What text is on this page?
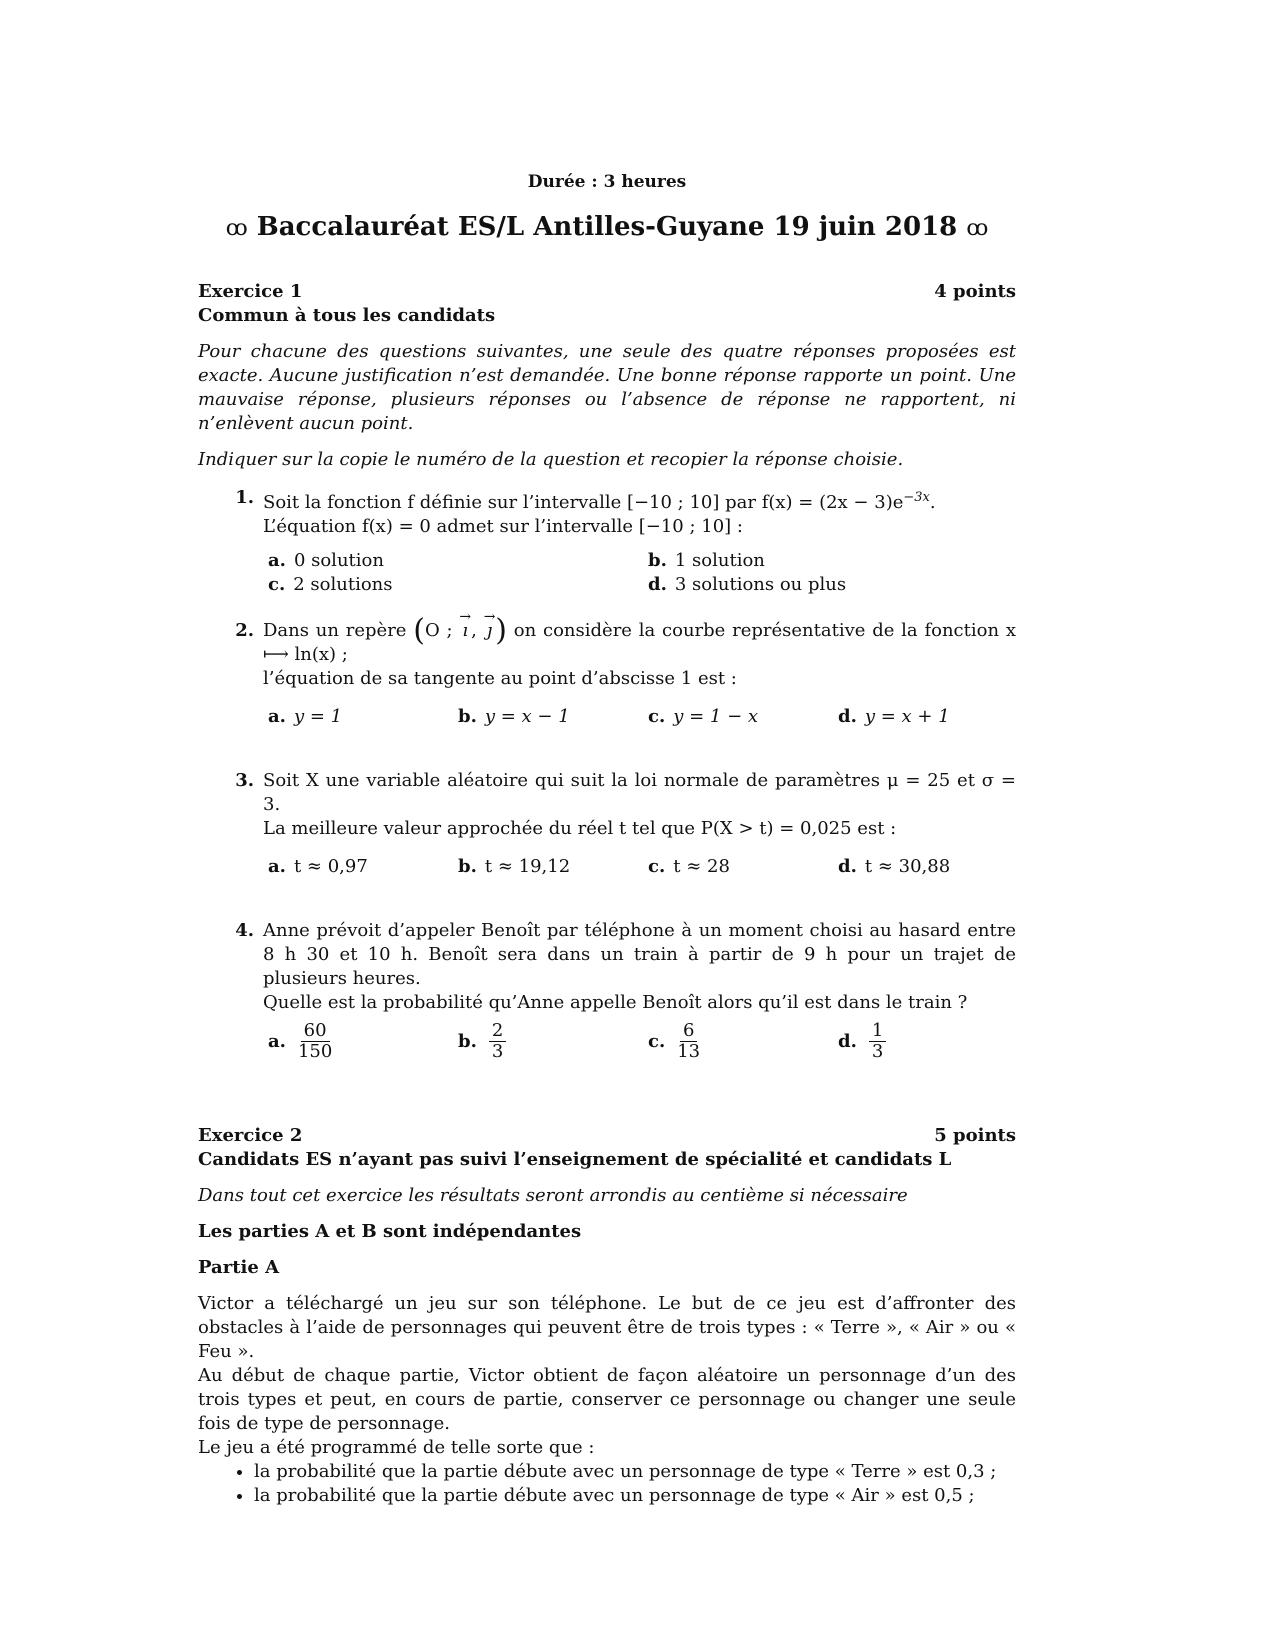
Durée : 3 heures
ꝏ Baccalauréat ES/L Antilles-Guyane 19 juin 2018 ꝏ
Exercice 1	4 points
Commun à tous les candidats
Pour chacune des questions suivantes, une seule des quatre réponses proposées est exacte. Aucune justification n’est demandée. Une bonne réponse rapporte un point. Une mauvaise réponse, plusieurs réponses ou l’absence de réponse ne rapportent, ni n’enlèvent aucun point.
Indiquer sur la copie le numéro de la question et recopier la réponse choisie.
1. Soit la fonction f définie sur l’intervalle [−10 ; 10] par $f(x) = (2x - 3)e^{-3x}$.
L’équation f(x) = 0 admet sur l’intervalle [−10 ; 10] :
a. 0 solution	b. 1 solution
c. 2 solutions	d. 3 solutions ou plus
2. Dans un repère (O ; → ı , → ȷ ) on considère la courbe représentative de la fonction x ⟼ ln(x) ;
l’équation de sa tangente au point d’abscisse 1 est :
a. y = 1	b. y = x − 1	c. y = 1 − x	d. y = x + 1
3. Soit X une variable aléatoire qui suit la loi normale de paramètres μ = 25 et σ = 3.
La meilleure valeur approchée du réel t tel que P(X > t) = 0,025 est :
a. t ≈ 0,97	b. t ≈ 19,12	c. t ≈ 28	d. t ≈ 30,88
4. Anne prévoit d’appeler Benoît par téléphone à un moment choisi au hasard entre 8 h 30 et 10 h. Benoît sera dans un train à partir de 9 h pour un trajet de plusieurs heures.
Quelle est la probabilité qu’Anne appelle Benoît alors qu’il est dans le train ?
a. $\frac{60}{150}$	b. $\frac{2}{3}$	c. $\frac{6}{13}$	d. $\frac{1}{3}$
Exercice 2	5 points
Candidats ES n’ayant pas suivi l’enseignement de spécialité et candidats L
Dans tout cet exercice les résultats seront arrondis au centième si nécessaire
Les parties A et B sont indépendantes
Partie A
Victor a téléchargé un jeu sur son téléphone. Le but de ce jeu est d’affronter des obstacles à l’aide de personnages qui peuvent être de trois types : « Terre », « Air » ou « Feu ».
Au début de chaque partie, Victor obtient de façon aléatoire un personnage d’un des trois types et peut, en cours de partie, conserver ce personnage ou changer une seule fois de type de personnage.
Le jeu a été programmé de telle sorte que :
• la probabilité que la partie débute avec un personnage de type « Terre » est 0,3 ;
• la probabilité que la partie débute avec un personnage de type « Air » est 0,5 ;
